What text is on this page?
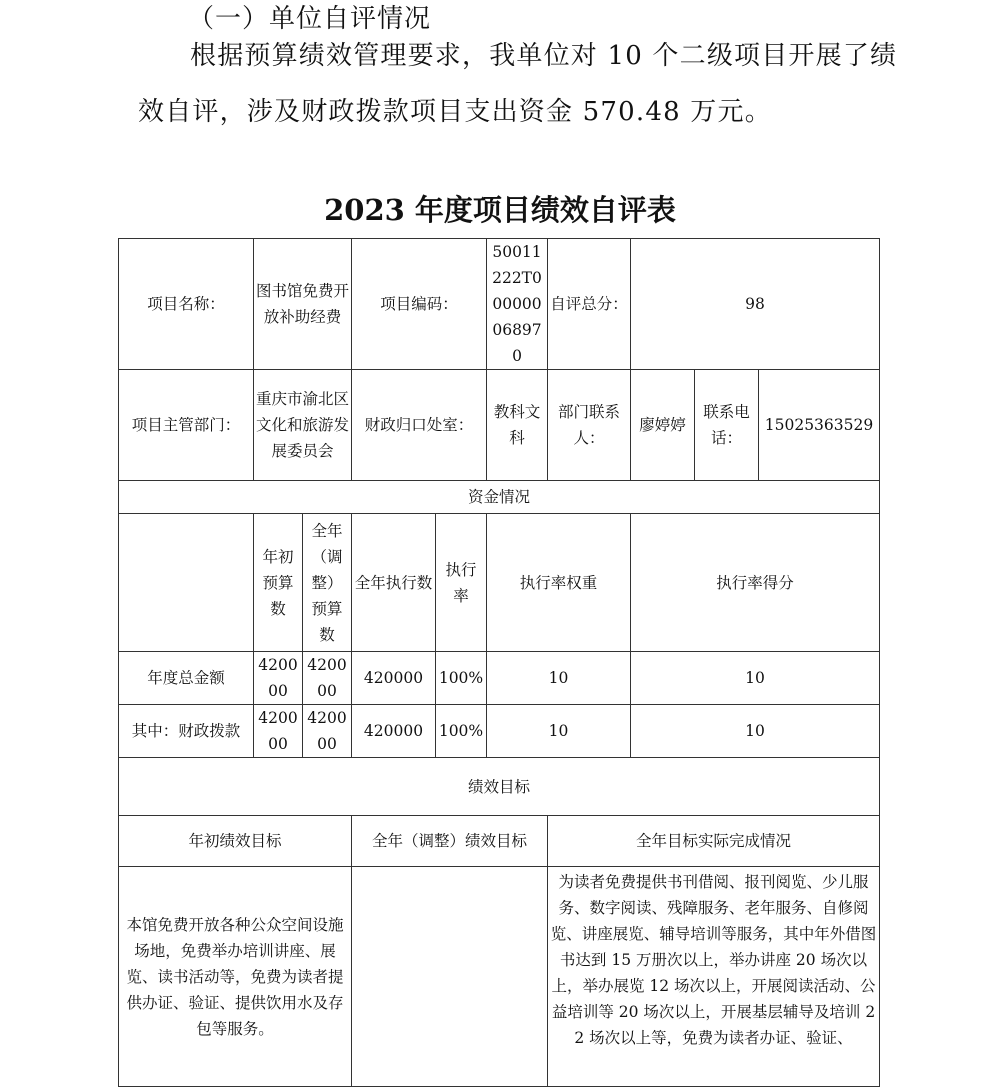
（一）单位自评情况

根据预算绩效管理要求，我单位对 10 个二级项目开展了绩

效自评，涉及财政拨款项目支出资金 570.48 万元。

2023 年度项目绩效自评表
项目名称：	图书馆免费开放补助经费		项目编码：		50011222T000000068970	自评总分：	98		
项目主管部门：	重庆市渝北区文化和旅游发展委员会		财政归口处室：		教科文科	部门联系人：	廖婷婷	联系电话：	15025363529
资金情况									
	年初预算数	全年（调整）预算数	全年执行数	执行率	执行率权重		执行率得分		
年度总金额	420000	420000	420000	100%	10		10		
其中：财政拨款	420000	420000	420000	100%	10		10		
绩效目标									
年初绩效目标			全年（调整）绩效目标			全年目标实际完成情况			
本馆免费开放各种公众空间设施场地，免费举办培训讲座、展览、读书活动等，免费为读者提供办证、验证、提供饮用水及存包等服务。						为读者免费提供书刊借阅、报刊阅览、少儿服务、数字阅读、残障服务、老年服务、自修阅览、讲座展览、辅导培训等服务，其中年外借图书达到 15 万册次以上，举办讲座 20 场次以上，举办展览 12 场次以上，开展阅读活动、公益培训等 20 场次以上，开展基层辅导及培训 22 场次以上等，免费为读者办证、验证、			
